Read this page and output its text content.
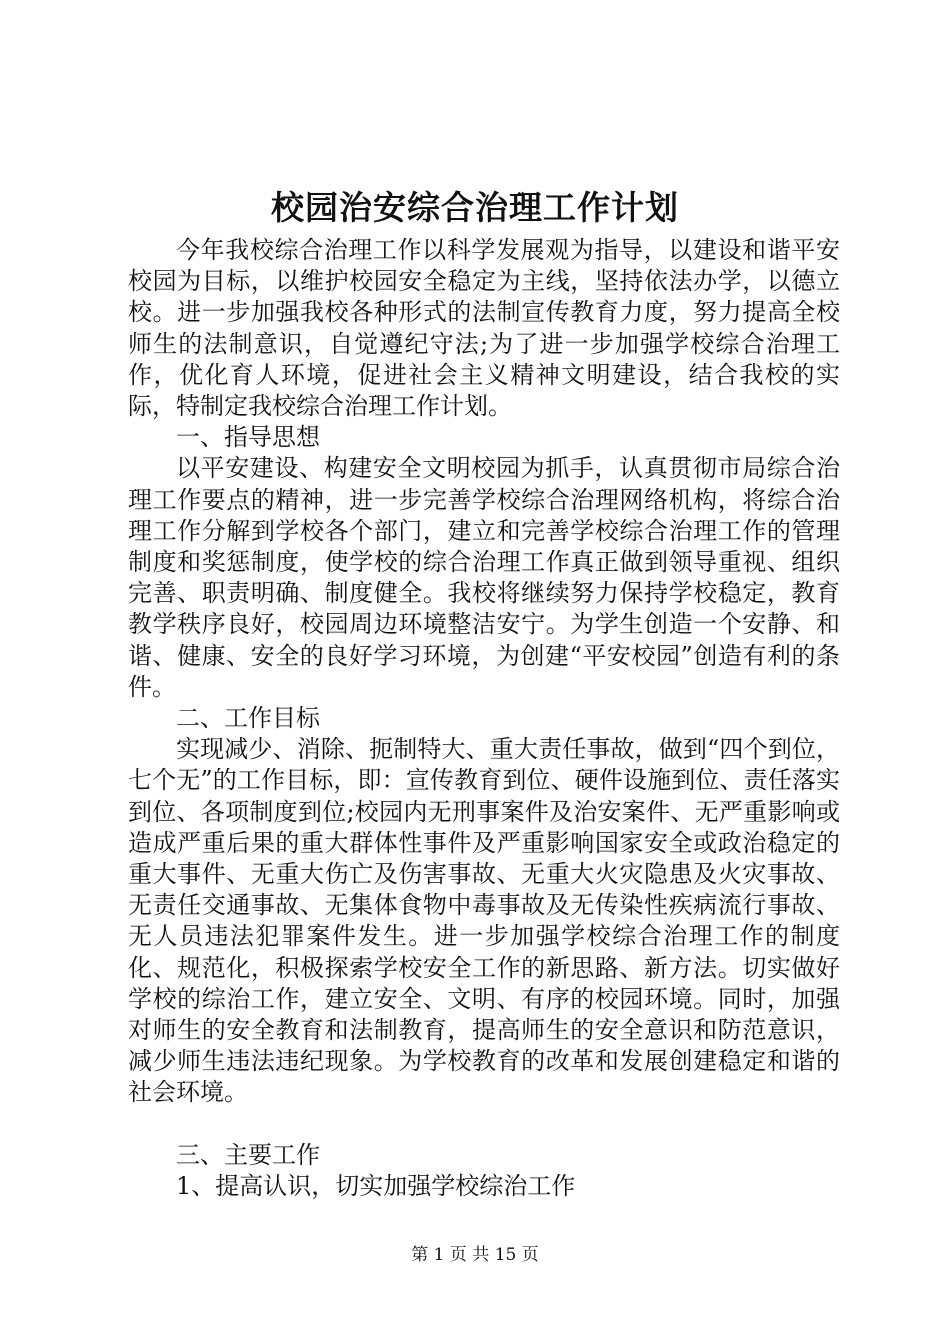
校园治安综合治理工作计划

今年我校综合治理工作以科学发展观为指导，以建设和谐平安校园为目标，以维护校园安全稳定为主线，坚持依法办学，以德立校。进一步加强我校各种形式的法制宣传教育力度，努力提高全校师生的法制意识，自觉遵纪守法;为了进一步加强学校综合治理工作，优化育人环境，促进社会主义精神文明建设，结合我校的实际，特制定我校综合治理工作计划。

一、指导思想

以平安建设、构建安全文明校园为抓手，认真贯彻市局综合治理工作要点的精神，进一步完善学校综合治理网络机构，将综合治理工作分解到学校各个部门，建立和完善学校综合治理工作的管理制度和奖惩制度，使学校的综合治理工作真正做到领导重视、组织完善、职责明确、制度健全。我校将继续努力保持学校稳定，教育教学秩序良好，校园周边环境整洁安宁。为学生创造一个安静、和谐、健康、安全的良好学习环境，为创建“平安校园”创造有利的条件。

二、工作目标

实现减少、消除、扼制特大、重大责任事故，做到“四个到位，七个无”的工作目标，即：宣传教育到位、硬件设施到位、责任落实到位、各项制度到位;校园内无刑事案件及治安案件、无严重影响或造成严重后果的重大群体性事件及严重影响国家安全或政治稳定的重大事件、无重大伤亡及伤害事故、无重大火灾隐患及火灾事故、无责任交通事故、无集体食物中毒事故及无传染性疾病流行事故、无人员违法犯罪案件发生。进一步加强学校综合治理工作的制度化、规范化，积极探索学校安全工作的新思路、新方法。切实做好学校的综治工作，建立安全、文明、有序的校园环境。同时，加强对师生的安全教育和法制教育，提高师生的安全意识和防范意识，减少师生违法违纪现象。为学校教育的改革和发展创建稳定和谐的社会环境。

三、主要工作

1、提高认识，切实加强学校综治工作

第 1 页 共 15 页
